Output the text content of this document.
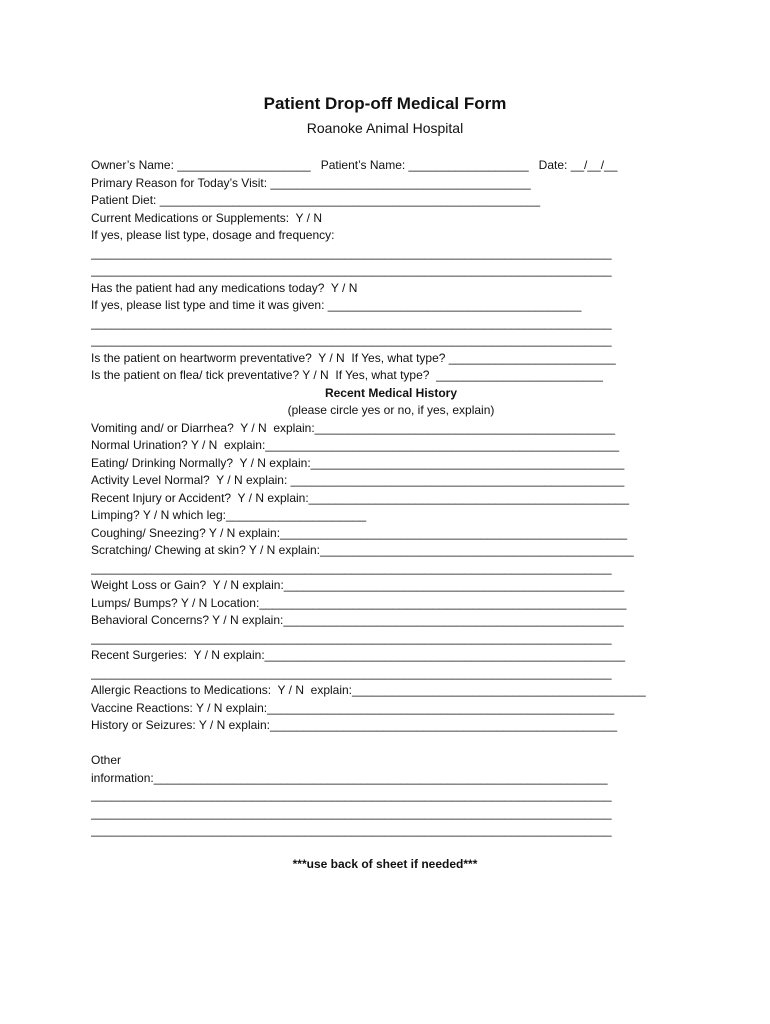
Patient Drop-off Medical Form
Roanoke Animal Hospital
Owner’s Name: ____________________   Patient’s Name: __________________   Date: __/__/__
Primary Reason for Today’s Visit: _______________________________________
Patient Diet: _________________________________________________________
Current Medications or Supplements:  Y / N
If yes, please list type, dosage and frequency:
______________________________________________________________________________
______________________________________________________________________________
Has the patient had any medications today?  Y / N
If yes, please list type and time it was given: ______________________________________
______________________________________________________________________________
______________________________________________________________________________
Is the patient on heartworm preventative?  Y / N  If Yes, what type? _________________________
Is the patient on flea/ tick preventative? Y / N  If Yes, what type?  _________________________
Recent Medical History
(please circle yes or no, if yes, explain)
Vomiting and/ or Diarrhea?  Y / N  explain:_____________________________________________
Normal Urination? Y / N  explain:_____________________________________________________
Eating/ Drinking Normally?  Y / N explain:_______________________________________________
Activity Level Normal?  Y / N explain: __________________________________________________
Recent Injury or Accident?  Y / N explain:________________________________________________
Limping? Y / N which leg:_____________________
Coughing/ Sneezing? Y / N explain:____________________________________________________
Scratching/ Chewing at skin? Y / N explain:_______________________________________________
______________________________________________________________________________
Weight Loss or Gain?  Y / N explain:___________________________________________________
Lumps/ Bumps? Y / N Location:_______________________________________________________
Behavioral Concerns? Y / N explain:___________________________________________________
______________________________________________________________________________
Recent Surgeries:  Y / N explain:______________________________________________________
______________________________________________________________________________
Allergic Reactions to Medications:  Y / N  explain:____________________________________________
Vaccine Reactions: Y / N explain:____________________________________________________
History or Seizures: Y / N explain:____________________________________________________
Other
information:____________________________________________________________________
______________________________________________________________________________
______________________________________________________________________________
______________________________________________________________________________
***use back of sheet if needed***
